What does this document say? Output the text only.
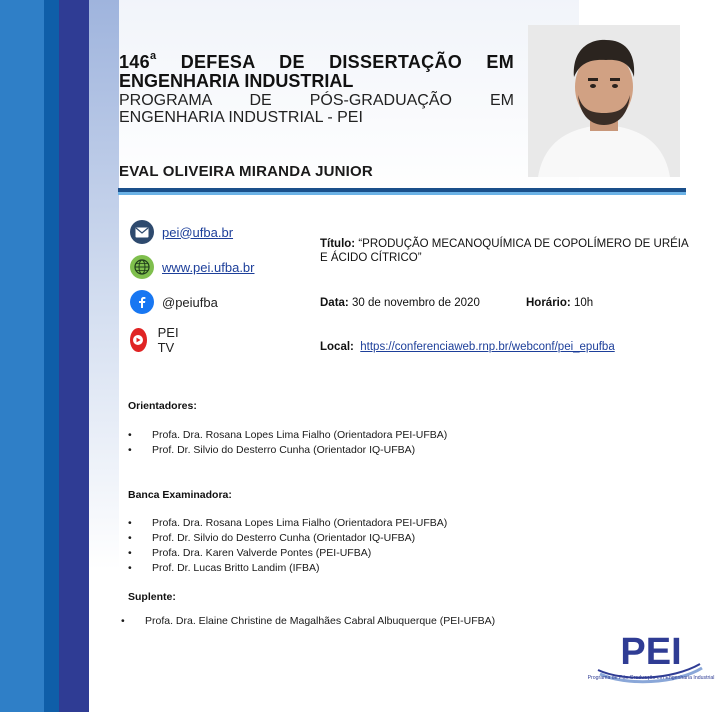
146$^a$ DEFESA DE DISSERTAÇÃO EM
ENGENHARIA INDUSTRIAL
PROGRAMA DE PÓS-GRADUAÇÃO EM
ENGENHARIA INDUSTRIAL - PEI
EVAL OLIVEIRA MIRANDA JUNIOR
pei@ufba.br
www.pei.ufba.br
@peiufba
PEI TV
Título: “PRODUÇÃO MECANOQUÍMICA DE COPOLÍMERO DE URÉIA
E ÁCIDO CÍTRICO”
Data: 30 de novembro de 2020	Horário: 10h
Local: https://conferenciaweb.rnp.br/webconf/pei_epufba
Orientadores:
• Profa. Dra. Rosana Lopes Lima Fialho (Orientadora PEI-UFBA)
• Prof. Dr. Silvio do Desterro Cunha (Orientador IQ-UFBA)
Banca Examinadora:
• Profa. Dra. Rosana Lopes Lima Fialho (Orientadora PEI-UFBA)
• Prof. Dr. Silvio do Desterro Cunha (Orientador IQ-UFBA)
• Profa. Dra. Karen Valverde Pontes (PEI-UFBA)
• Prof. Dr. Lucas Britto Landim (IFBA)
Suplente:
• Profa. Dra. Elaine Christine de Magalhães Cabral Albuquerque (PEI-UFBA)
PEI
Programa de Pós-Graduação em Engenharia Industrial
